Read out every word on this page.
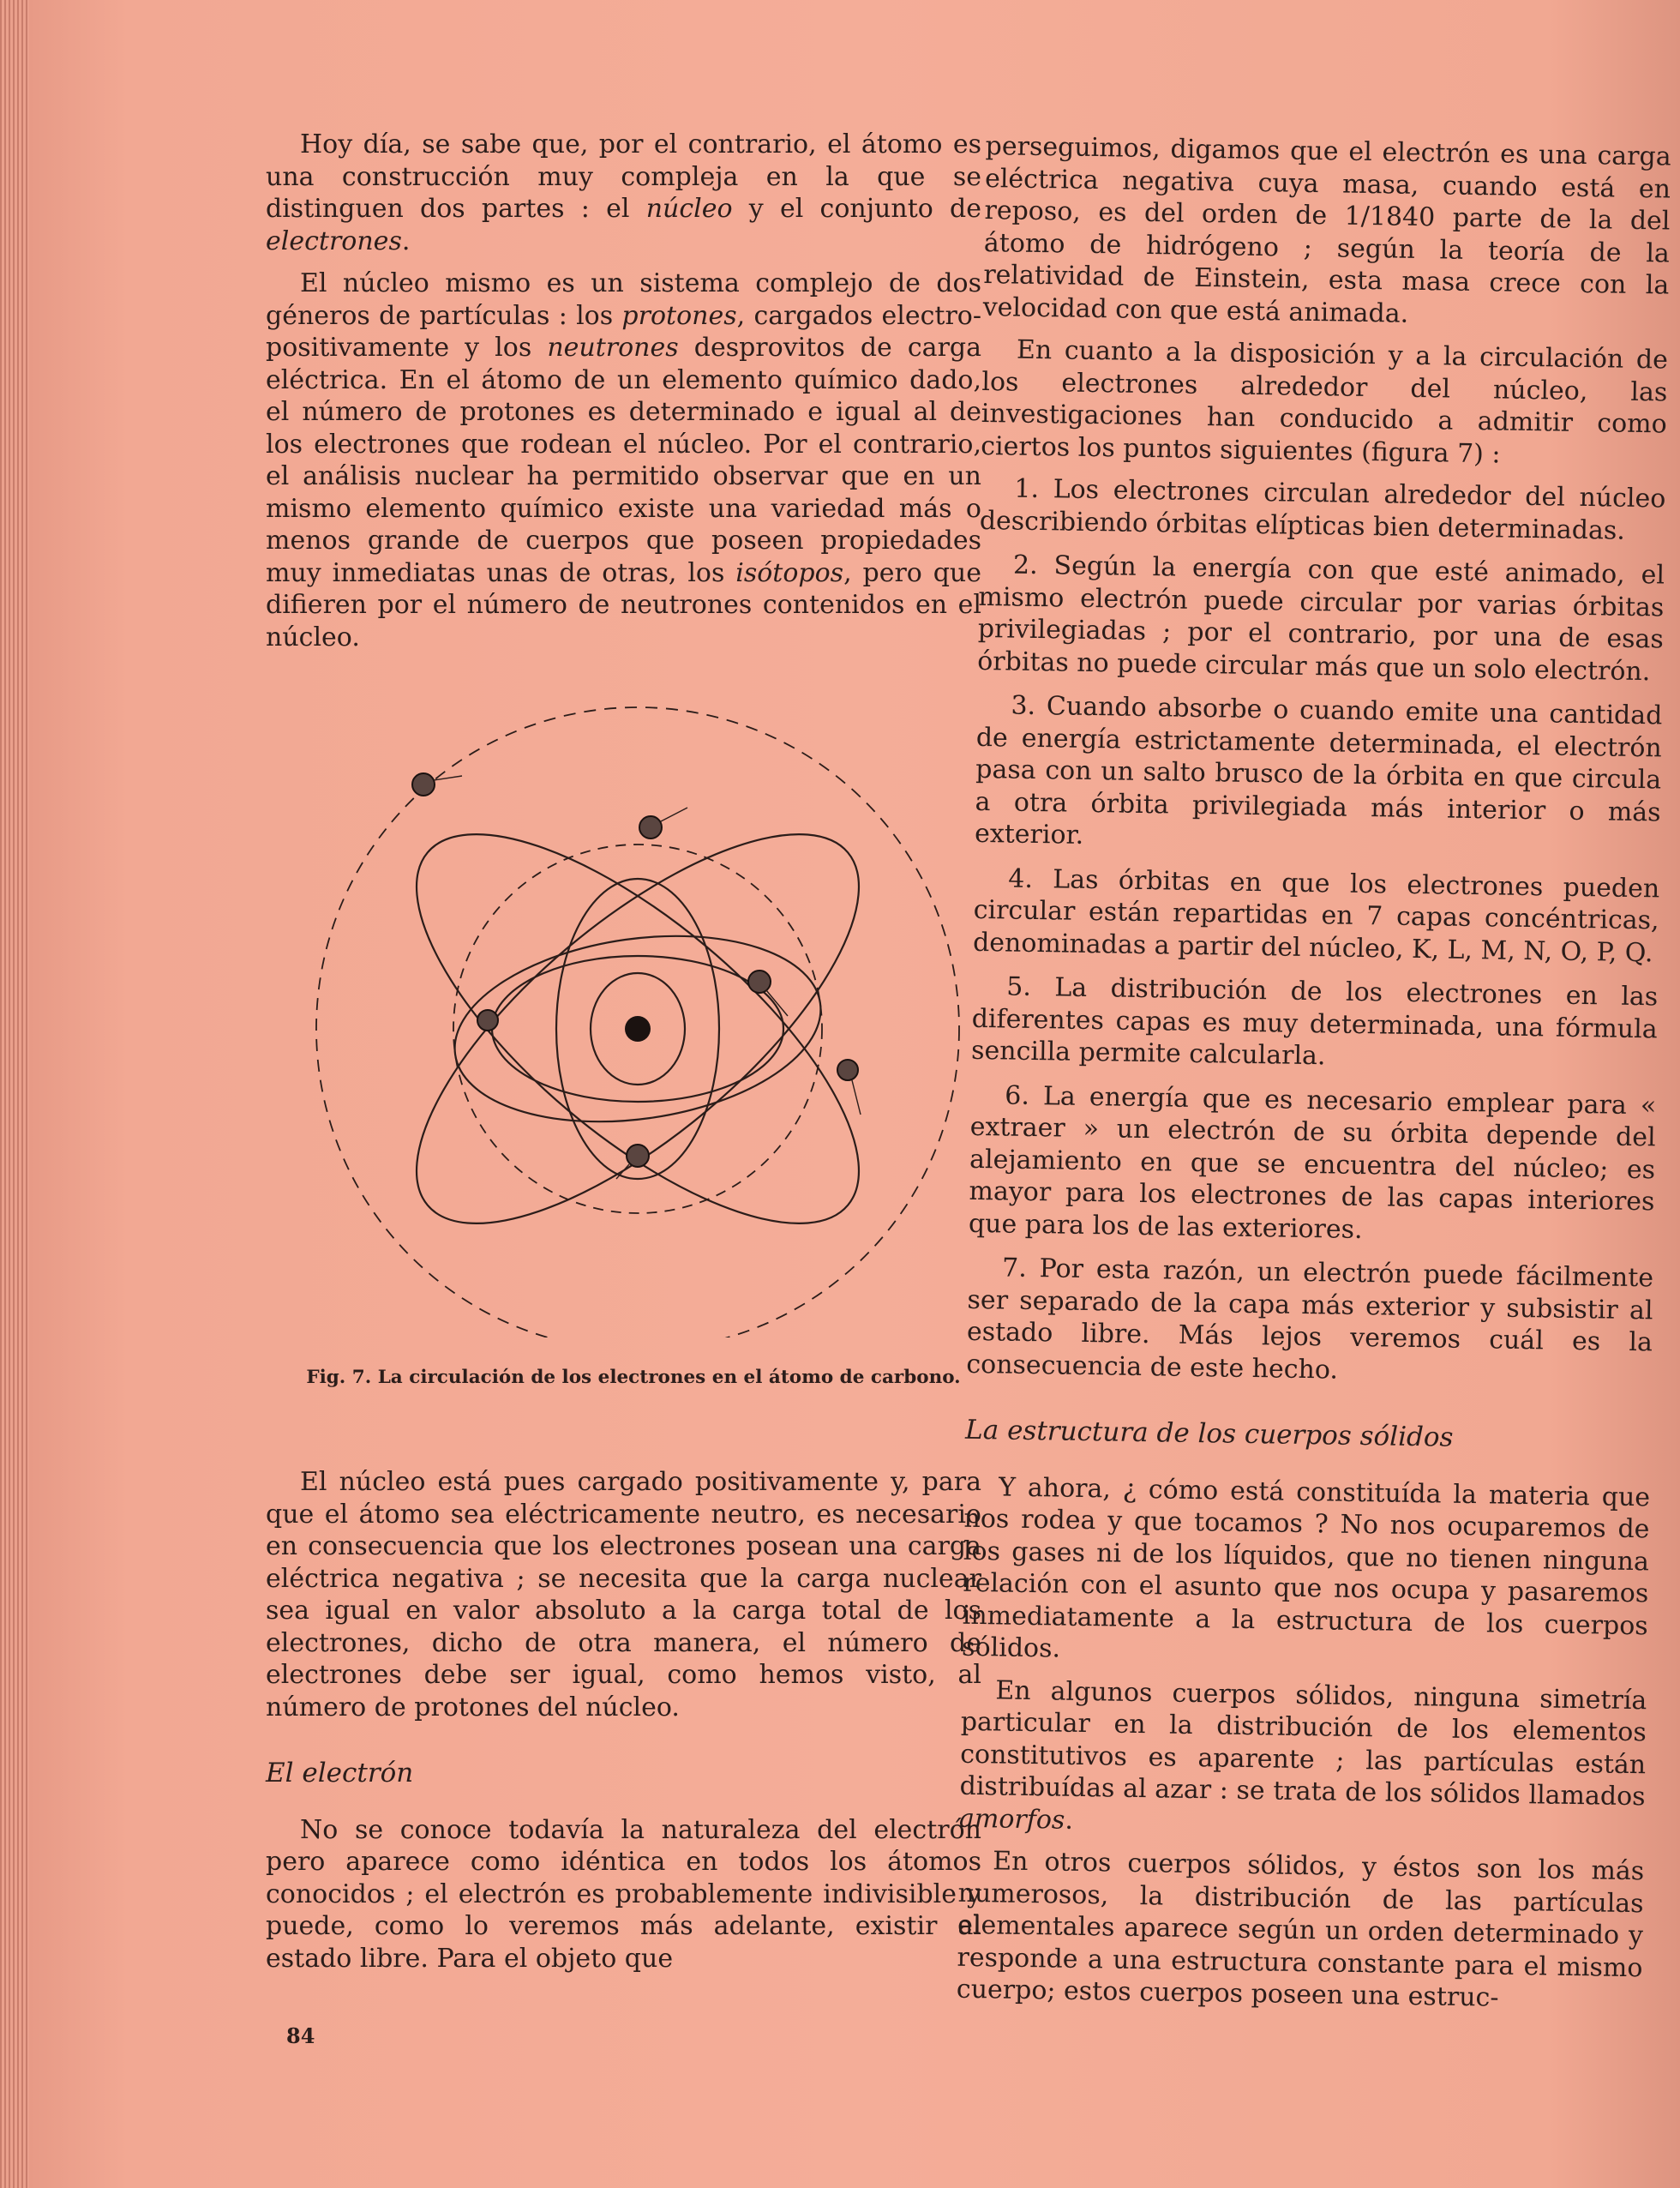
Hoy día, se sabe que, por el contrario, el átomo es una construcción muy compleja en la que se distinguen dos partes : el núcleo y el conjunto de electrones.

El núcleo mismo es un sistema complejo de dos géneros de partículas : los protones, cargados electro-positivamente y los neutrones desprovitos de carga eléctrica. En el átomo de un elemento químico dado, el número de protones es determinado e igual al de los electrones que rodean el núcleo. Por el contrario, el análisis nuclear ha permitido observar que en un mismo elemento químico existe una variedad más o menos grande de cuerpos que poseen propiedades muy inmediatas unas de otras, los isótopos, pero que difieren por el número de neutrones contenidos en el núcleo.

Fig. 7. La circulación de los electrones en el átomo de carbono.

El núcleo está pues cargado positivamente y, para que el átomo sea eléctricamente neutro, es necesario en consecuencia que los electrones posean una carga eléctrica negativa ; se necesita que la carga nuclear sea igual en valor absoluto a la carga total de los electrones, dicho de otra manera, el número de electrones debe ser igual, como hemos visto, al número de protones del núcleo.

El electrón

No se conoce todavía la naturaleza del electrón pero aparece como idéntica en todos los átomos conocidos ; el electrón es probablemente indivisible y puede, como lo veremos más adelante, existir al estado libre. Para el objeto que

perseguimos, digamos que el electrón es una carga eléctrica negativa cuya masa, cuando está en reposo, es del orden de 1/1840 parte de la del átomo de hidrógeno ; según la teoría de la relatividad de Einstein, esta masa crece con la velocidad con que está animada.

En cuanto a la disposición y a la circulación de los electrones alrededor del núcleo, las investigaciones han conducido a admitir como ciertos los puntos siguientes (figura 7) :

1. Los electrones circulan alrededor del núcleo describiendo órbitas elípticas bien determinadas.

2. Según la energía con que esté animado, el mismo electrón puede circular por varias órbitas privilegiadas ; por el contrario, por una de esas órbitas no puede circular más que un solo electrón.

3. Cuando absorbe o cuando emite una cantidad de energía estrictamente determinada, el electrón pasa con un salto brusco de la órbita en que circula a otra órbita privilegiada más interior o más exterior.

4. Las órbitas en que los electrones pueden circular están repartidas en 7 capas concéntricas, denominadas a partir del núcleo, K, L, M, N, O, P, Q.

5. La distribución de los electrones en las diferentes capas es muy determinada, una fórmula sencilla permite calcularla.

6. La energía que es necesario emplear para « extraer » un electrón de su órbita depende del alejamiento en que se encuentra del núcleo; es mayor para los electrones de las capas interiores que para los de las exteriores.

7. Por esta razón, un electrón puede fácilmente ser separado de la capa más exterior y subsistir al estado libre. Más lejos veremos cuál es la consecuencia de este hecho.

La estructura de los cuerpos sólidos

Y ahora, ¿ cómo está constituída la materia que nos rodea y que tocamos ? No nos ocuparemos de los gases ni de los líquidos, que no tienen ninguna relación con el asunto que nos ocupa y pasaremos inmediatamente a la estructura de los cuerpos sólidos.

En algunos cuerpos sólidos, ninguna simetría particular en la distribución de los elementos constitutivos es aparente ; las partículas están distribuídas al azar : se trata de los sólidos llamados amorfos.

En otros cuerpos sólidos, y éstos son los más numerosos, la distribución de las partículas elementales aparece según un orden determinado y responde a una estructura constante para el mismo cuerpo; estos cuerpos poseen una estruc-

84
